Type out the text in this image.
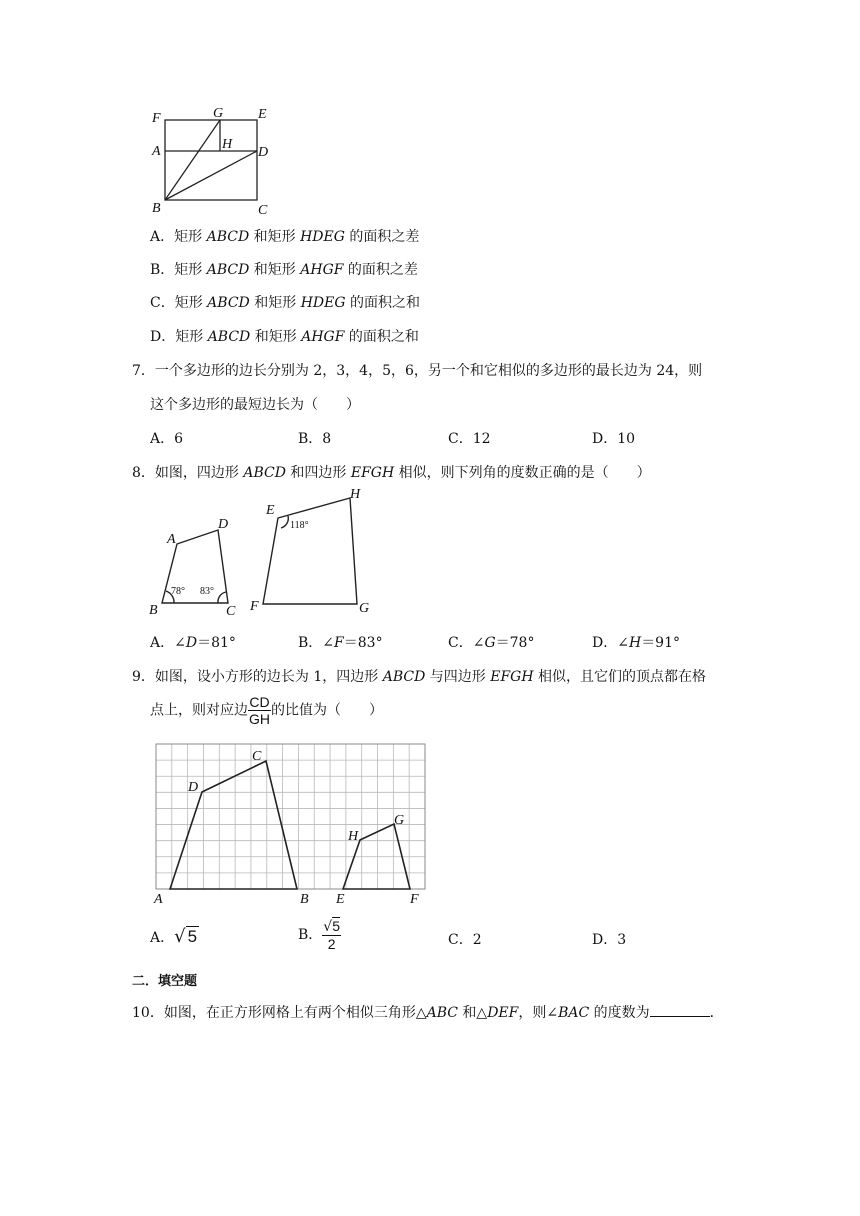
F	G E
A	H
D
B	C
A．矩形 ABCD 和矩形 HDEG 的面积之差
B．矩形 ABCD 和矩形 AHGF 的面积之差
C．矩形 ABCD 和矩形 HDEG 的面积之和
D．矩形 ABCD 和矩形 AHGF 的面积之和
7．一个多边形的边长分别为 2，3，4，5，6，另一个和它相似的多边形的最长边为 24，则
这个多边形的最短边长为（　　）
A．6	B．8	C．12	D．10
8．如图，四边形 ABCD 和四边形 EFGH 相似，则下列角的度数正确的是（　　）
A
D
B	C
E
H
F	G
78° 83°
118°
A．∠D＝81°	B．∠F＝83°	C．∠G＝78°	D．∠H＝91°
9．如图，设小方形的边长为 1，四边形 ABCD 与四边形 EFGH 相似，且它们的顶点都在格
点上，则对应边 $\frac{CD}{GH}$ 的比值为（　　）
A	B
C
D
E	F
G
H
A．√ 5	B． $\frac{√5}{2}$	C．2	D．3
二．填空题
10．如图，在正方形网格上有两个相似三角形△ABC 和△DEF，则∠BAC 的度数为	．
